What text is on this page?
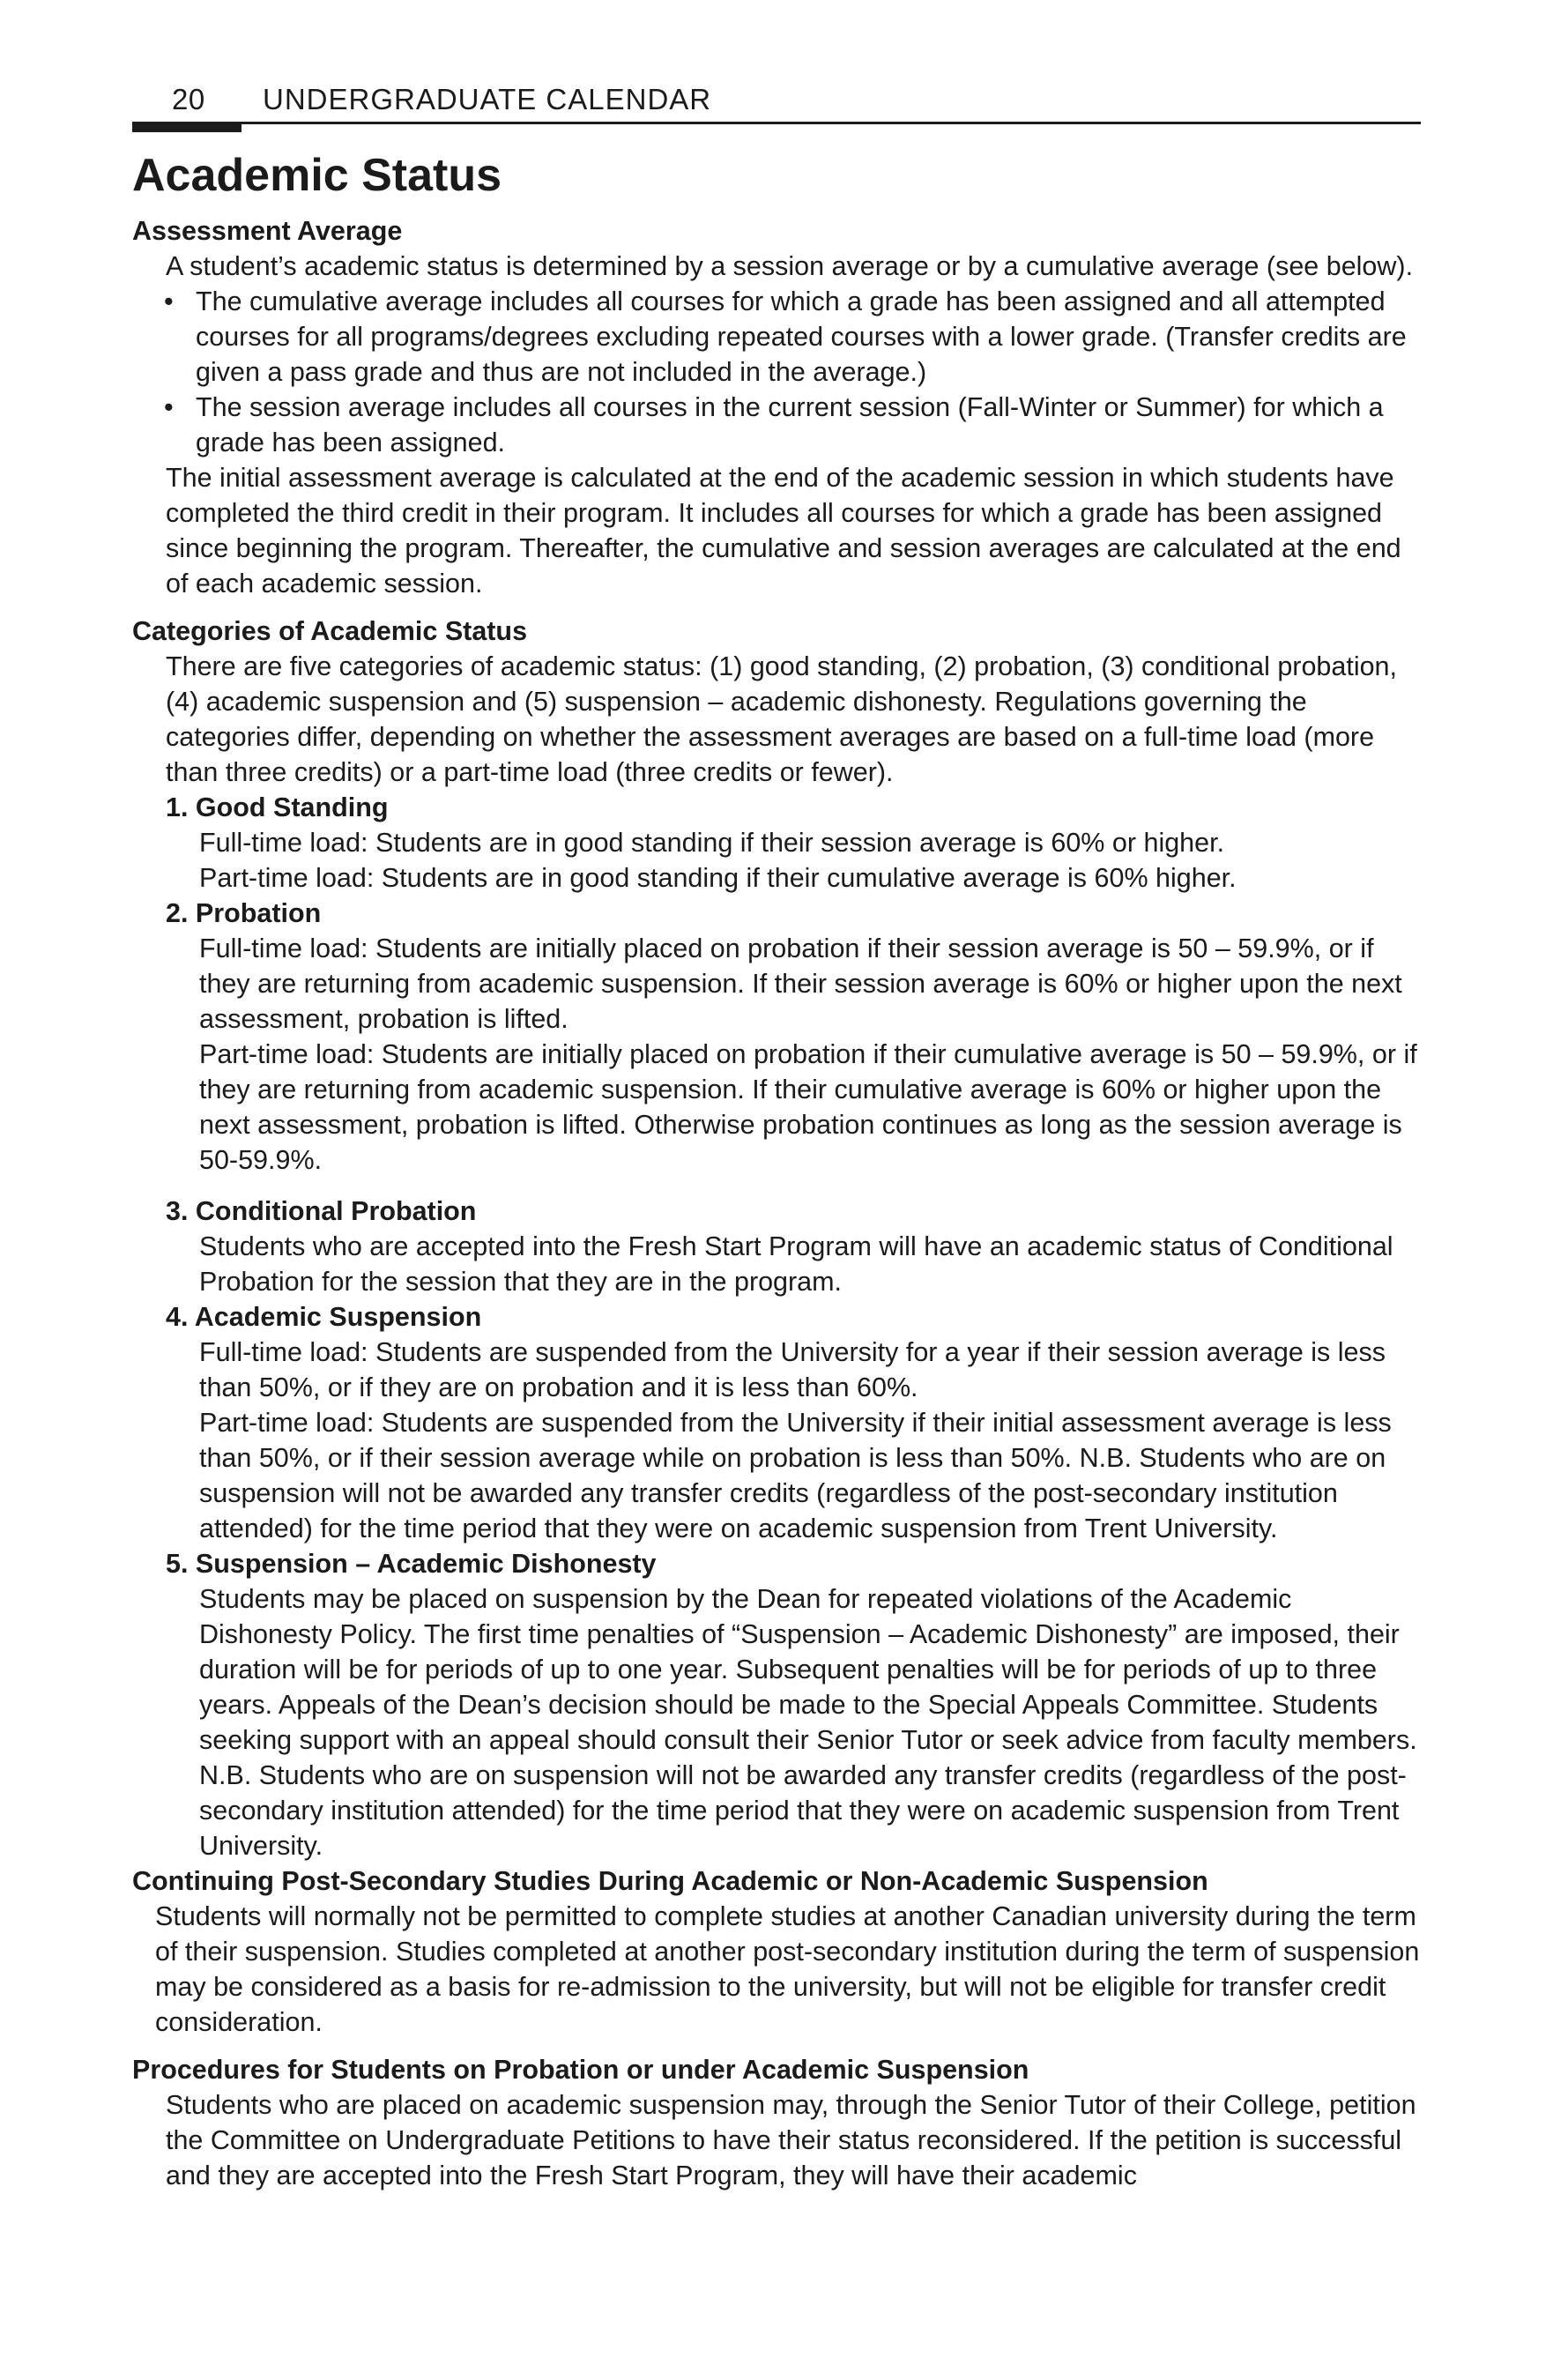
20 UNDERGRADUATE CALENDAR
Academic Status
Assessment Average

A student’s academic status is determined by a session average or by a cumulative average (see below).

• The cumulative average includes all courses for which a grade has been assigned and all attempted courses for all programs/degrees excluding repeated courses with a lower grade. (Transfer credits are given a pass grade and thus are not included in the average.)
• The session average includes all courses in the current session (Fall-Winter or Summer) for which a grade has been assigned.

The initial assessment average is calculated at the end of the academic session in which students have completed the third credit in their program. It includes all courses for which a grade has been assigned since beginning the program. Thereafter, the cumulative and session averages are calculated at the end of each academic session.

Categories of Academic Status

There are five categories of academic status: (1) good standing, (2) probation, (3) conditional probation, (4) academic suspension and (5) suspension – academic dishonesty. Regulations governing the categories differ, depending on whether the assessment averages are based on a full-time load (more than three credits) or a part-time load (three credits or fewer).

1. Good Standing

Full-time load: Students are in good standing if their session average is 60% or higher.

Part-time load: Students are in good standing if their cumulative average is 60% higher.

2. Probation

Full-time load: Students are initially placed on probation if their session average is 50 – 59.9%, or if they are returning from academic suspension. If their session average is 60% or higher upon the next assessment, probation is lifted.

Part-time load: Students are initially placed on probation if their cumulative average is 50 – 59.9%, or if they are returning from academic suspension. If their cumulative average is 60% or higher upon the next assessment, probation is lifted. Otherwise probation continues as long as the session average is 50-59.9%.

3. Conditional Probation

Students who are accepted into the Fresh Start Program will have an academic status of Conditional Probation for the session that they are in the program.

4. Academic Suspension

Full-time load: Students are suspended from the University for a year if their session average is less than 50%, or if they are on probation and it is less than 60%.

Part-time load: Students are suspended from the University if their initial assessment average is less than 50%, or if their session average while on probation is less than 50%. N.B. Students who are on suspension will not be awarded any transfer credits (regardless of the post-secondary institution attended) for the time period that they were on academic suspension from Trent University.

5. Suspension – Academic Dishonesty

Students may be placed on suspension by the Dean for repeated violations of the Academic Dishonesty Policy. The first time penalties of “Suspension – Academic Dishonesty” are imposed, their duration will be for periods of up to one year. Subsequent penalties will be for periods of up to three years. Appeals of the Dean’s decision should be made to the Special Appeals Committee. Students seeking support with an appeal should consult their Senior Tutor or seek advice from faculty members. N.B. Students who are on suspension will not be awarded any transfer credits (regardless of the post-secondary institution attended) for the time period that they were on academic suspension from Trent University.

Continuing Post-Secondary Studies During Academic or Non-Academic Suspension

Students will normally not be permitted to complete studies at another Canadian university during the term of their suspension. Studies completed at another post-secondary institution during the term of suspension may be considered as a basis for re-admission to the university, but will not be eligible for transfer credit consideration.

Procedures for Students on Probation or under Academic Suspension

Students who are placed on academic suspension may, through the Senior Tutor of their College, petition the Committee on Undergraduate Petitions to have their status reconsidered. If the petition is successful and they are accepted into the Fresh Start Program, they will have their academic
